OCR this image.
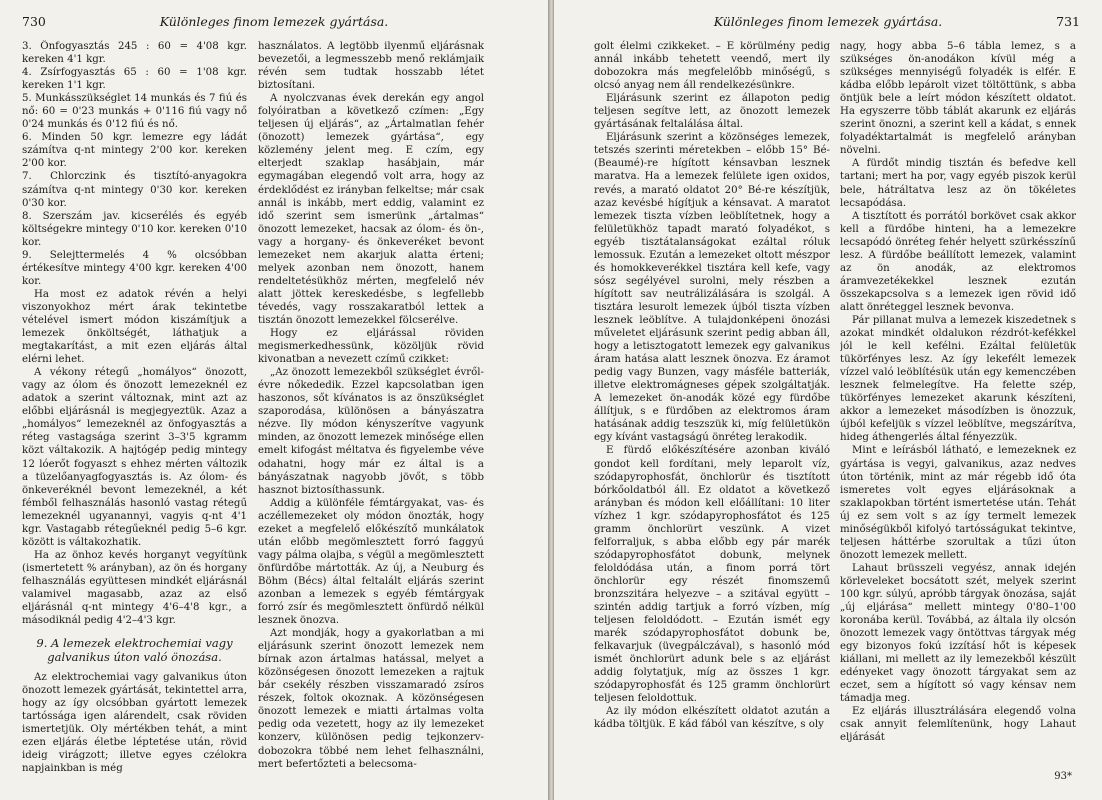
730	Különleges finom lemezek gyártása.

3. Önfogyasztás 245 : 60 = 4'08 kgr. kereken 4'1 kgr.

4. Zsírfogyasztás 65 : 60 = 1'08 kgr. kereken 1'1 kgr.

5. Munkásszükséglet 14 munkás és 7 fiú és nő: 60 = 0'23 munkás + 0'116 fiú vagy nő 0'24 munkás és 0'12 fiú és nő.

6. Minden 50 kgr. lemezre egy ládát számítva q-nt mintegy 2'00 kor. kereken 2'00 kor.

7. Chlorczink és tisztító-anyagokra számítva q-nt mintegy 0'30 kor. kereken 0'30 kor.

8. Szerszám jav. kicserélés és egyéb költségekre mintegy 0'10 kor. kereken 0'10 kor.

9. Selejttermelés 4 % olcsóbban értékesítve mintegy 4'00 kgr. kereken 4'00 kor.

Ha most ez adatok révén a helyi viszonyokhoz mért árak tekintetbe vételével ismert módon kiszámítjuk a lemezek önköltségét, láthatjuk a megtakarítást, a mit ezen eljárás által elérni lehet.

A vékony rétegű „homályos“ önozott, vagy az ólom és önozott lemezeknél ez adatok a szerint változnak, mint azt az előbbi eljárásnál is megjegyeztük. Azaz a „homályos“ lemezeknél az önfogyasztás a réteg vastagsága szerint 3–3'5 kgramm közt váltakozik. A hajtógép pedig mintegy 12 lóerőt fogyaszt s ehhez mérten változik a tüzelőanyagfogyasztás is. Az ólom- és önkeveréknél bevont lemezeknél, a két fémből felhasználás hasonló vastag rétegű lemezeknél ugyanannyi, vagyis q-nt 4'1 kgr. Vastagabb rétegűeknél pedig 5–6 kgr. között is váltakozhatik.

Ha az önhoz kevés horganyt vegyítünk (ismertetett % arányban), az ön és horgany felhasználás együttesen mindkét eljárásnál valamivel magasabb, azaz az első eljárásnál q-nt mintegy 4'6–4'8 kgr., a másodiknál pedig 4'2–4'3 kgr.

9. A lemezek elektrochemiai vagy galvanikus úton való önozása.

Az elektrochemiai vagy galvanikus úton önozott lemezek gyártását, tekintettel arra, hogy az így olcsóbban gyártott lemezek tartóssága igen alárendelt, csak röviden ismertetjük. Oly mértékben tehát, a mint ezen eljárás életbe léptetése után, rövid ideig virágzott; illetve egyes czélokra napjainkban is még

használatos. A legtöbb ilyenmű eljárásnak bevezetői, a legmesszebb menő reklámjaik révén sem tudtak hosszabb létet biztosítani.

A nyolczvanas évek derekán egy angol folyóiratban a következő czímen: „Egy teljesen új eljárás“, az „Ártalmatlan fehér (önozott) lemezek gyártása“, egy közlemény jelent meg. E czím, egy elterjedt szaklap hasábjain, már egymagában elegendő volt arra, hogy az érdeklődést ez irányban felkeltse; már csak annál is inkább, mert eddig, valamint ez idő szerint sem ismerünk „ártalmas“ önozott lemezeket, hacsak az ólom- és ön-, vagy a horgany- és önkeveréket bevont lemezeket nem akarjuk alatta érteni; melyek azonban nem önozott, hanem rendeltetésükhöz mérten, megfelelő név alatt jöttek kereskedésbe, s legfellebb tévedés, vagy rosszakaratból lettek a tisztán önozott lemezekkel fölcserélve.

Hogy ez eljárással röviden megismerkedhessünk, közöljük rövid kivonatban a nevezett czímű czikket:

„Az önozott lemezekből szükséglet évről-évre nőkededik. Ezzel kapcsolatban igen haszonos, sőt kívánatos is az önszükséglet szaporodása, különösen a bányászatra nézve. Ily módon kényszerítve vagyunk minden, az önozott lemezek minősége ellen emelt kifogást méltatva és figyelembe véve odahatni, hogy már ez által is a bányászatnak nagyobb jövőt, s több hasznot biztosíthassunk.

Addig a különféle fémtárgyakat, vas- és aczéllemezeket oly módon önozták, hogy ezeket a megfelelő előkészítő munkálatok után előbb megömlesztett forró faggyú vagy pálma olajba, s végül a megömlesztett önfürdőbe mártották. Az új, a Neuburg és Böhm (Bécs) által feltalált eljárás szerint azonban a lemezek s egyéb fémtárgyak forró zsír és megömlesztett önfürdő nélkül lesznek önozva.

Azt mondják, hogy a gyakorlatban a mi eljárásunk szerint önozott lemezek nem bírnak azon ártalmas hatással, melyet a közönségesen önozott lemezeken a rajtuk bár csekély részben visszamaradó zsíros részek, foltok okoznak. A közönségesen önozott lemezek e miatti ártalmas volta pedig oda vezetett, hogy az ily lemezeket konzerv, különösen pedig tejkonzerv-dobozokra többé nem lehet felhasználni, mert befertőzteti a belecsoma-

Különleges finom lemezek gyártása.	731

golt élelmi czikkeket. – E körülmény pedig annál inkább tehetett veendő, mert ily dobozokra más megfelelőbb minőségű, s olcsó anyag nem áll rendelkezésünkre.

Eljárásunk szerint ez állapoton pedig teljesen segítve lett, az önozott lemezek gyártásának feltalálása által.

Eljárásunk szerint a közönséges lemezek, tetszés szerinti méretekben – előbb 15° Bé-(Beaumé)-re hígított kénsavban lesznek maratva. Ha a lemezek felülete igen oxidos, revés, a marató oldatot 20° Bé-re készítjük, azaz kevésbé hígítjuk a kénsavat. A maratot lemezek tiszta vízben leöblítetnek, hogy a felületükhöz tapadt marató folyadékot, s egyéb tisztátalanságokat ezáltal róluk lemossuk. Ezután a lemezeket oltott mészpor és homokkeverékkel tisztára kell kefe, vagy sósz segélyével surolni, mely részben a hígított sav neutrálizálására is szolgál. A tisztára lesurolt lemezek újból tiszta vízben lesznek leöblítve. A tulajdonképeni önozási műveletet eljárásunk szerint pedig abban áll, hogy a letisztogatott lemezek egy galvanikus áram hatása alatt lesznek önozva. Ez áramot pedig vagy Bunzen, vagy másféle batteriák, illetve elektromágneses gépek szolgáltatják. A lemezeket ön-anodák közé egy fürdőbe állítjuk, s e fürdőben az elektromos áram hatásának addig teszszük ki, míg felületükön egy kívánt vastagságú önréteg lerakodik.

E fürdő előkészítésére azonban kiváló gondot kell fordítani, mely leparolt víz, szódapyrophosfát, önchlorür és tisztított bórkőoldatból áll. Ez oldatot a következő arányban és módon kell előállítani: 10 liter vízhez 1 kgr. szódapyrophosfátot és 125 gramm önchlorürt veszünk. A vizet felforraljuk, s abba előbb egy pár marék szódapyrophosfátot dobunk, melynek feloldódása után, a finom porrá tört önchlorür egy részét finomszemű bronzszitára helyezve – a szitával együtt – szintén addig tartjuk a forró vízben, míg teljesen feloldódott. – Ezután ismét egy marék szódapyrophosfátot dobunk be, felkavarjuk (üvegpálczával), s hasonló mód ismét önchlorürt adunk bele s az eljárást addig folytatjuk, míg az összes 1 kgr. szódapyrophosfát és 125 gramm önchlorürt teljesen feloldottuk.

Az ily módon elkészített oldatot azután a kádba töltjük. E kád fából van készítve, s oly

nagy, hogy abba 5–6 tábla lemez, s a szükséges ön-anodákon kívül még a szükséges mennyiségű folyadék is elfér. E kádba előbb lepárolt vizet töltöttünk, s abba öntjük bele a leírt módon készített oldatot. Ha egyszerre több táblát akarunk ez eljárás szerint önozni, a szerint kell a kádat, s ennek folyadéktartalmát is megfelelő arányban növelni.

A fürdőt mindig tisztán és befedve kell tartani; mert ha por, vagy egyéb piszok kerül bele, hátráltatva lesz az ön tökéletes lecsapódása.

A tisztított és porrától borkövet csak akkor kell a fürdőbe hinteni, ha a lemezekre lecsapódó önréteg fehér helyett szürkésszínű lesz. A fürdőbe beállított lemezek, valamint az ön anodák, az elektromos áramvezetékekkel lesznek ezután összekapcsolva s a lemezek igen rövid idő alatt önréteggel lesznek bevonva.

Pár pillanat mulva a lemezek kiszedetnek s azokat mindkét oldalukon rézdrót-kefékkel jól le kell kefélni. Ezáltal felületük tükörfényes lesz. Az így lekefélt lemezek vízzel való leöblítésük után egy kemenczében lesznek felmelegítve. Ha felette szép, tükörfényes lemezeket akarunk készíteni, akkor a lemezeket másodízben is önozzuk, újból kefeljük s vízzel leöblítve, megszárítva, hideg áthengerlés által fényezzük.

Mint e leírásból látható, e lemezeknek ez gyártása is vegyi, galvanikus, azaz nedves úton történik, mint az már régebb idő óta ismeretes volt egyes eljárásoknak a szaklapokban történt ismertetése után. Tehát új ez sem volt s az így termelt lemezek minőségükből kifolyó tartósságukat tekintve, teljesen háttérbe szorultak a tűzi úton önozott lemezek mellett.

Lahaut brüsszeli vegyész, annak idején körleveleket bocsátott szét, melyek szerint 100 kgr. súlyú, apróbb tárgyak önozása, saját „új eljárása“ mellett mintegy 0'80–1'00 koronába kerül. Továbbá, az általa ily olcsón önozott lemezek vagy öntöttvas tárgyak még egy bizonyos fokú izzításí hőt is képesek kiállani, mi mellett az ily lemezekből készült edényeket vagy önozott tárgyakat sem az eczet, sem a hígított só vagy kénsav nem támadja meg.

Ez eljárás illusztrálására elegendő volna csak annyit felemlítenünk, hogy Lahaut eljárását

93*
